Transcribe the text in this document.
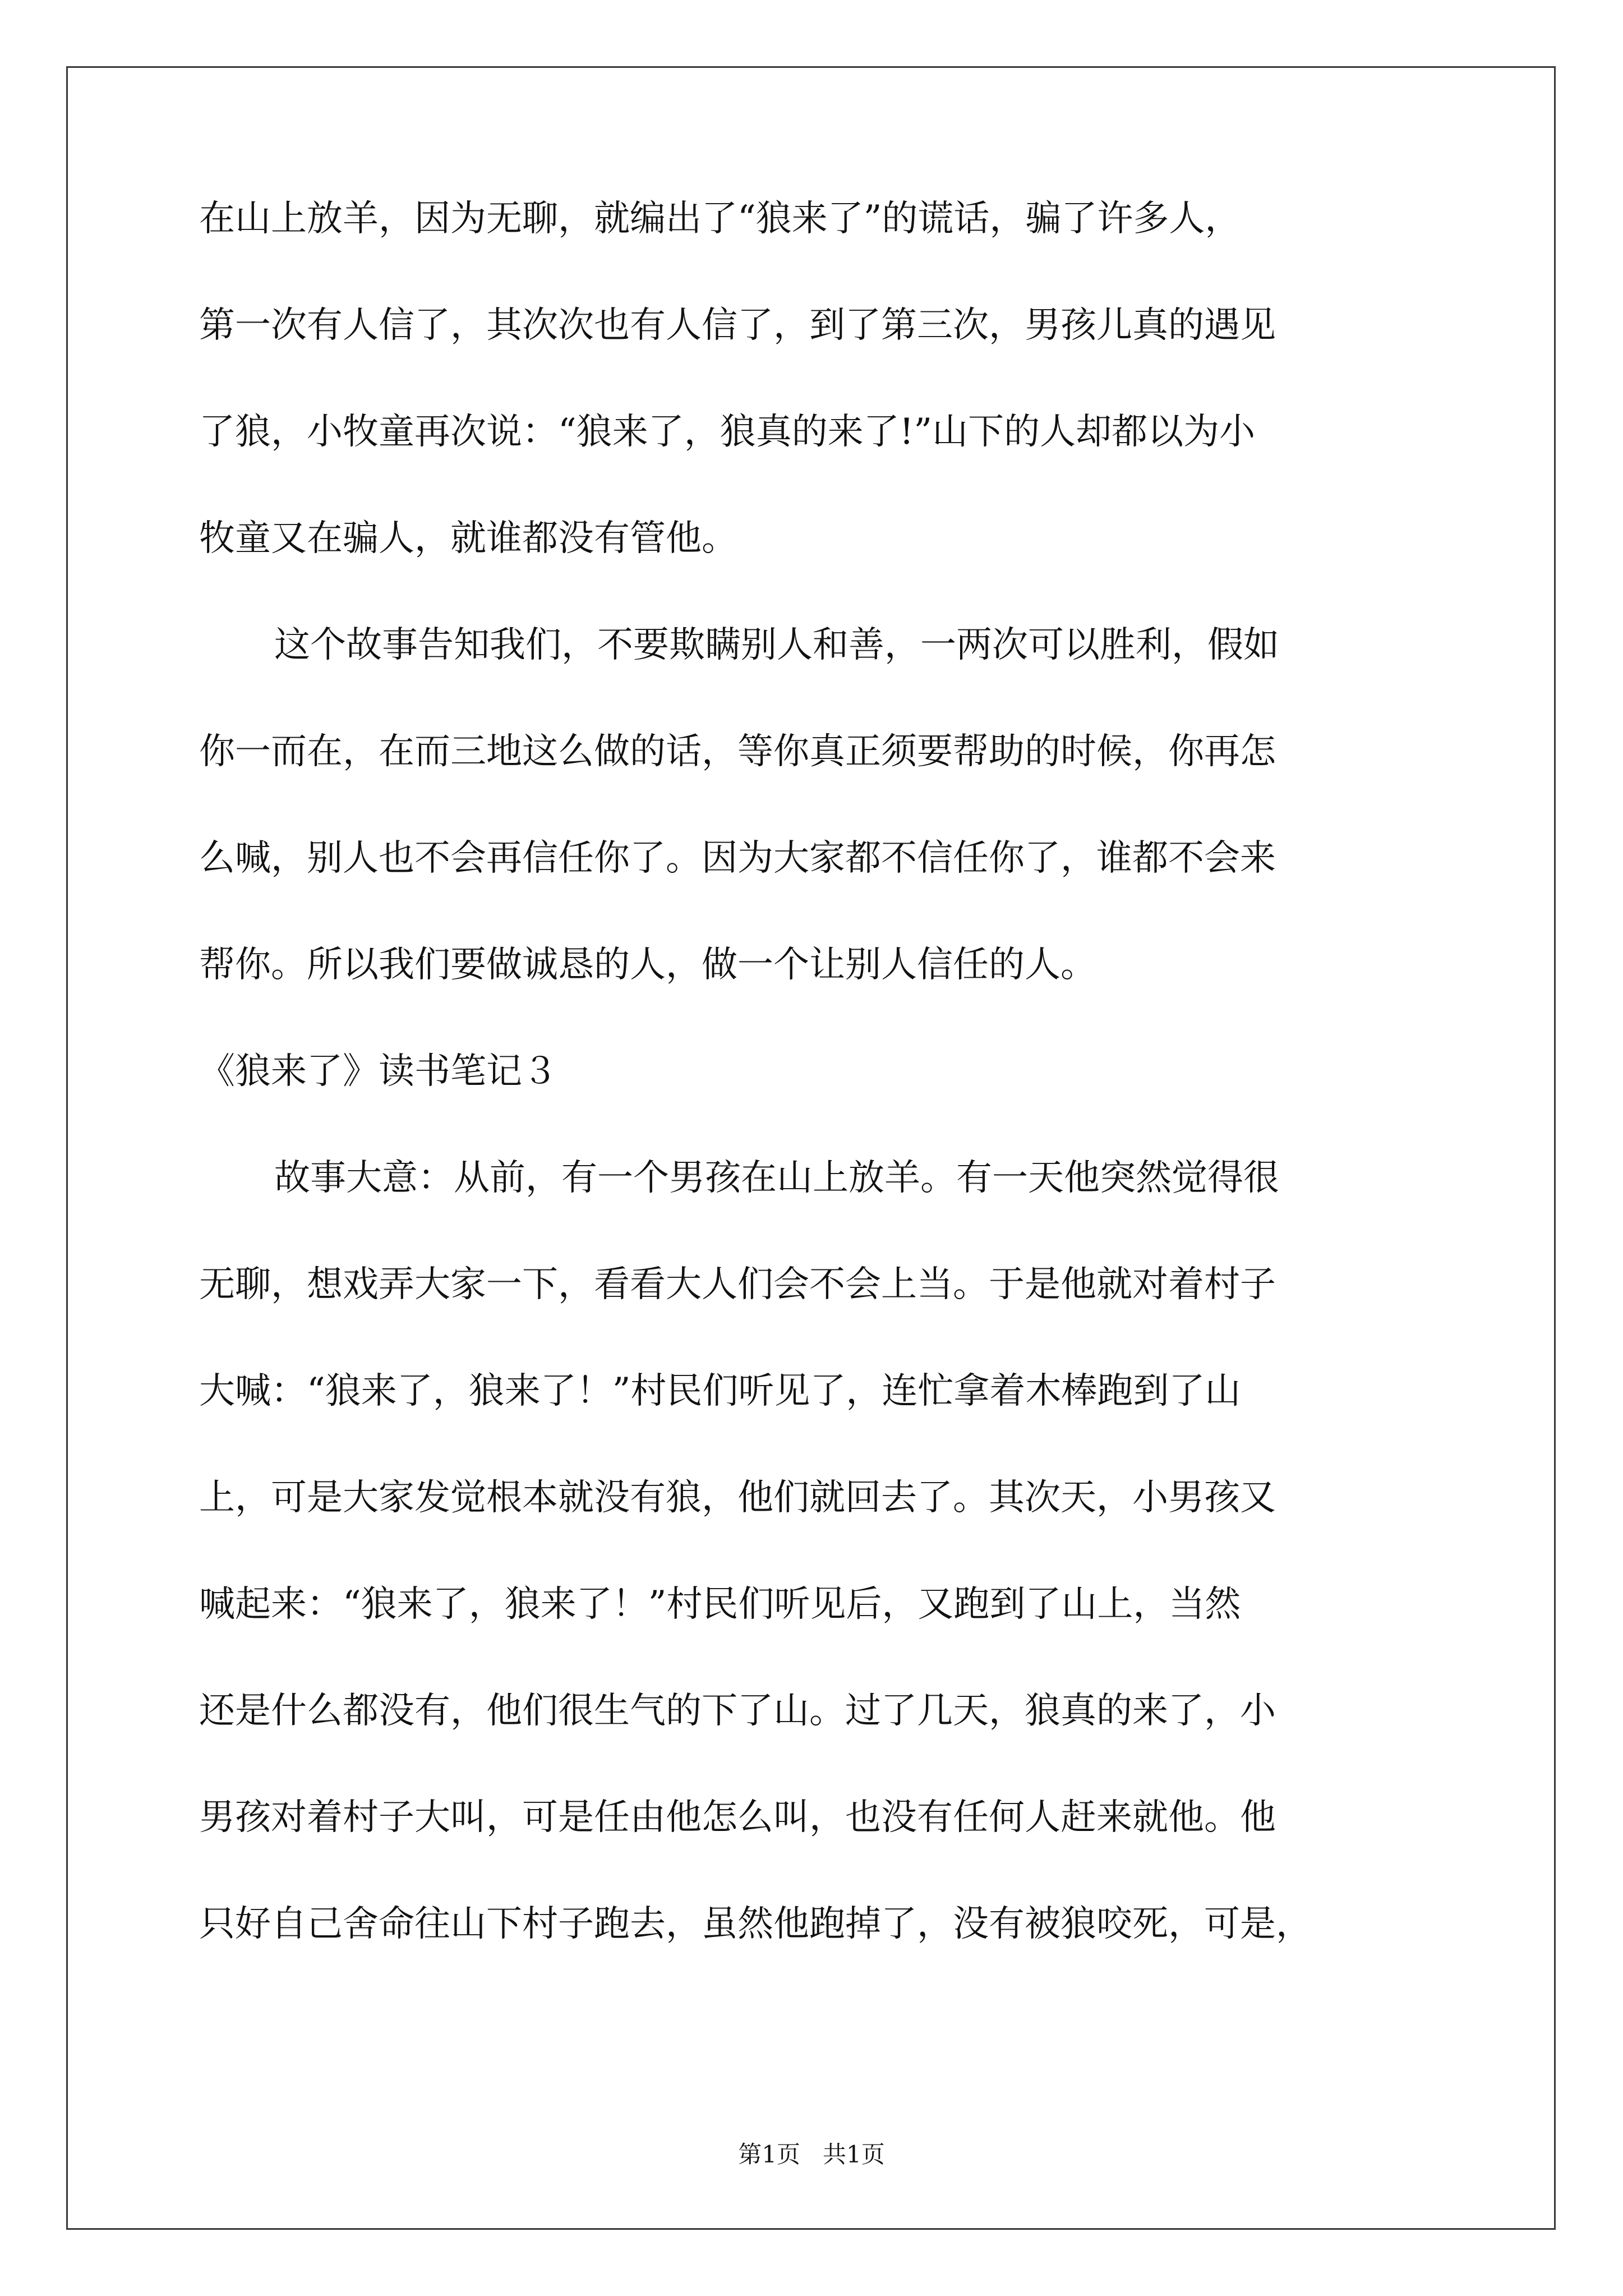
在山上放羊，因为无聊，就编出了“狼来了”的谎话，骗了许多人，
第一次有人信了，其次次也有人信了，到了第三次，男孩儿真的遇见
了狼，小牧童再次说：“狼来了，狼真的来了!”山下的人却都以为小
牧童又在骗人，就谁都没有管他。
这个故事告知我们，不要欺瞒别人和善，一两次可以胜利，假如
你一而在，在而三地这么做的话，等你真正须要帮助的时候，你再怎
么喊，别人也不会再信任你了。因为大家都不信任你了，谁都不会来
帮你。所以我们要做诚恳的人，做一个让别人信任的人。
《狼来了》读书笔记３
故事大意：从前，有一个男孩在山上放羊。有一天他突然觉得很
无聊，想戏弄大家一下，看看大人们会不会上当。于是他就对着村子
大喊：“狼来了，狼来了！”村民们听见了，连忙拿着木棒跑到了山
上，可是大家发觉根本就没有狼，他们就回去了。其次天，小男孩又
喊起来：“狼来了，狼来了！”村民们听见后，又跑到了山上，当然
还是什么都没有，他们很生气的下了山。过了几天，狼真的来了，小
男孩对着村子大叫，可是任由他怎么叫，也没有任何人赶来就他。他
只好自己舍命往山下村子跑去，虽然他跑掉了，没有被狼咬死，可是，
第1页   共1页
